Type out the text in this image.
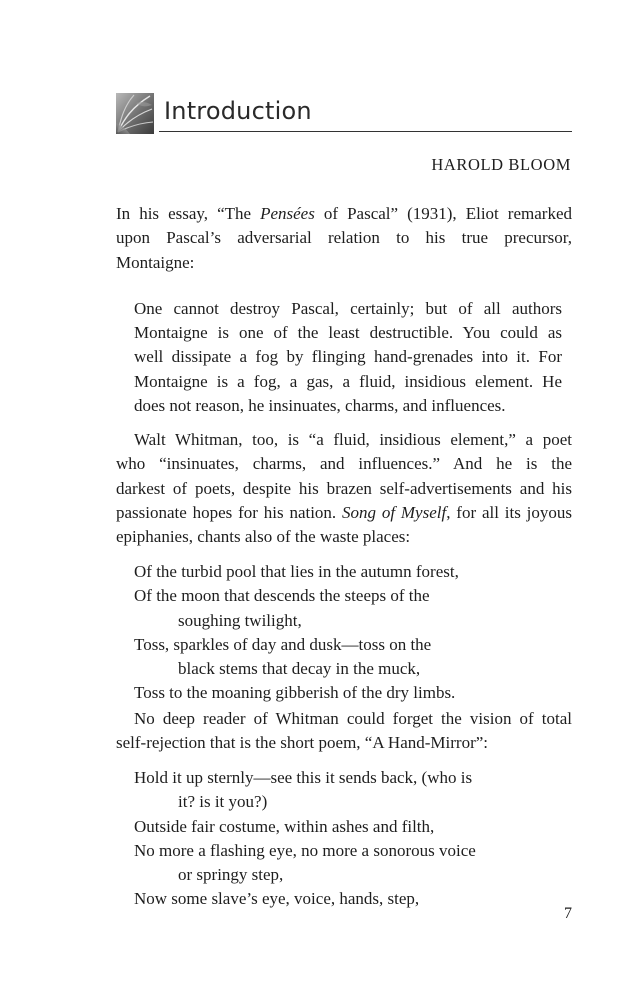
Introduction
HAROLD BLOOM
In his essay, “The Pensées of Pascal” (1931), Eliot remarked
upon Pascal’s adversarial relation to his true precursor,
Montaigne:
One cannot destroy Pascal, certainly; but of all authors
Montaigne is one of the least destructible. You could as
well dissipate a fog by flinging hand-grenades into it. For
Montaigne is a fog, a gas, a fluid, insidious element. He
does not reason, he insinuates, charms, and influences.
Walt Whitman, too, is “a fluid, insidious element,” a poet
who “insinuates, charms, and influences.” And he is the
darkest of poets, despite his brazen self-advertisements and his
passionate hopes for his nation. Song of Myself, for all its joyous
epiphanies, chants also of the waste places:
Of the turbid pool that lies in the autumn forest,
Of the moon that descends the steeps of the
soughing twilight,
Toss, sparkles of day and dusk—toss on the
black stems that decay in the muck,
Toss to the moaning gibberish of the dry limbs.
No deep reader of Whitman could forget the vision of total
self-rejection that is the short poem, “A Hand-Mirror”:
Hold it up sternly—see this it sends back, (who is
it? is it you?)
Outside fair costume, within ashes and filth,
No more a flashing eye, no more a sonorous voice
or springy step,
Now some slave’s eye, voice, hands, step,
7
